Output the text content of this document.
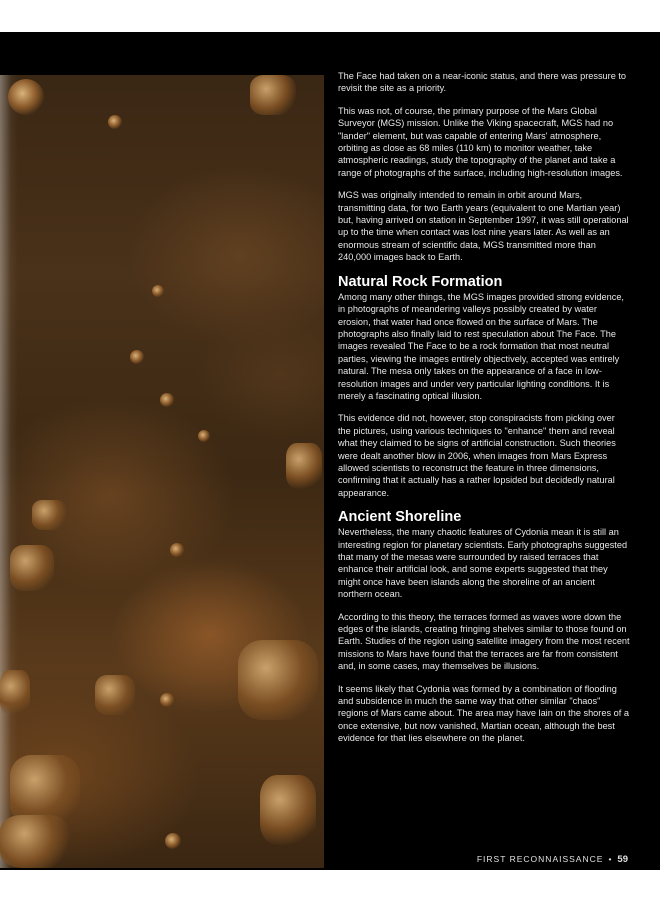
The Face had taken on a near-iconic status, and there was pressure to revisit the site as a priority.

This was not, of course, the primary purpose of the Mars Global Surveyor (MGS) mission. Unlike the Viking spacecraft, MGS had no "lander" element, but was capable of entering Mars' atmosphere, orbiting as close as 68 miles (110 km) to monitor weather, take atmospheric readings, study the topography of the planet and take a range of photographs of the surface, including high-resolution images.

MGS was originally intended to remain in orbit around Mars, transmitting data, for two Earth years (equivalent to one Martian year) but, having arrived on station in September 1997, it was still operational up to the time when contact was lost nine years later. As well as an enormous stream of scientific data, MGS transmitted more than 240,000 images back to Earth.

Natural Rock Formation

Among many other things, the MGS images provided strong evidence, in photographs of meandering valleys possibly created by water erosion, that water had once flowed on the surface of Mars. The photographs also finally laid to rest speculation about The Face. The images revealed The Face to be a rock formation that most neutral parties, viewing the images entirely objectively, accepted was entirely natural. The mesa only takes on the appearance of a face in low-resolution images and under very particular lighting conditions. It is merely a fascinating optical illusion.

This evidence did not, however, stop conspiracists from picking over the pictures, using various techniques to "enhance" them and reveal what they claimed to be signs of artificial construction. Such theories were dealt another blow in 2006, when images from Mars Express allowed scientists to reconstruct the feature in three dimensions, confirming that it actually has a rather lopsided but decidedly natural appearance.

Ancient Shoreline

Nevertheless, the many chaotic features of Cydonia mean it is still an interesting region for planetary scientists. Early photographs suggested that many of the mesas were surrounded by raised terraces that enhance their artificial look, and some experts suggested that they might once have been islands along the shoreline of an ancient northern ocean.

According to this theory, the terraces formed as waves wore down the edges of the islands, creating fringing shelves similar to those found on Earth. Studies of the region using satellite imagery from the most recent missions to Mars have found that the terraces are far from consistent and, in some cases, may themselves be illusions.

It seems likely that Cydonia was formed by a combination of flooding and subsidence in much the same way that other similar "chaos" regions of Mars came about. The area may have lain on the shores of a once extensive, but now vanished, Martian ocean, although the best evidence for that lies elsewhere on the planet.

FIRST RECONNAISSANCE • 59
